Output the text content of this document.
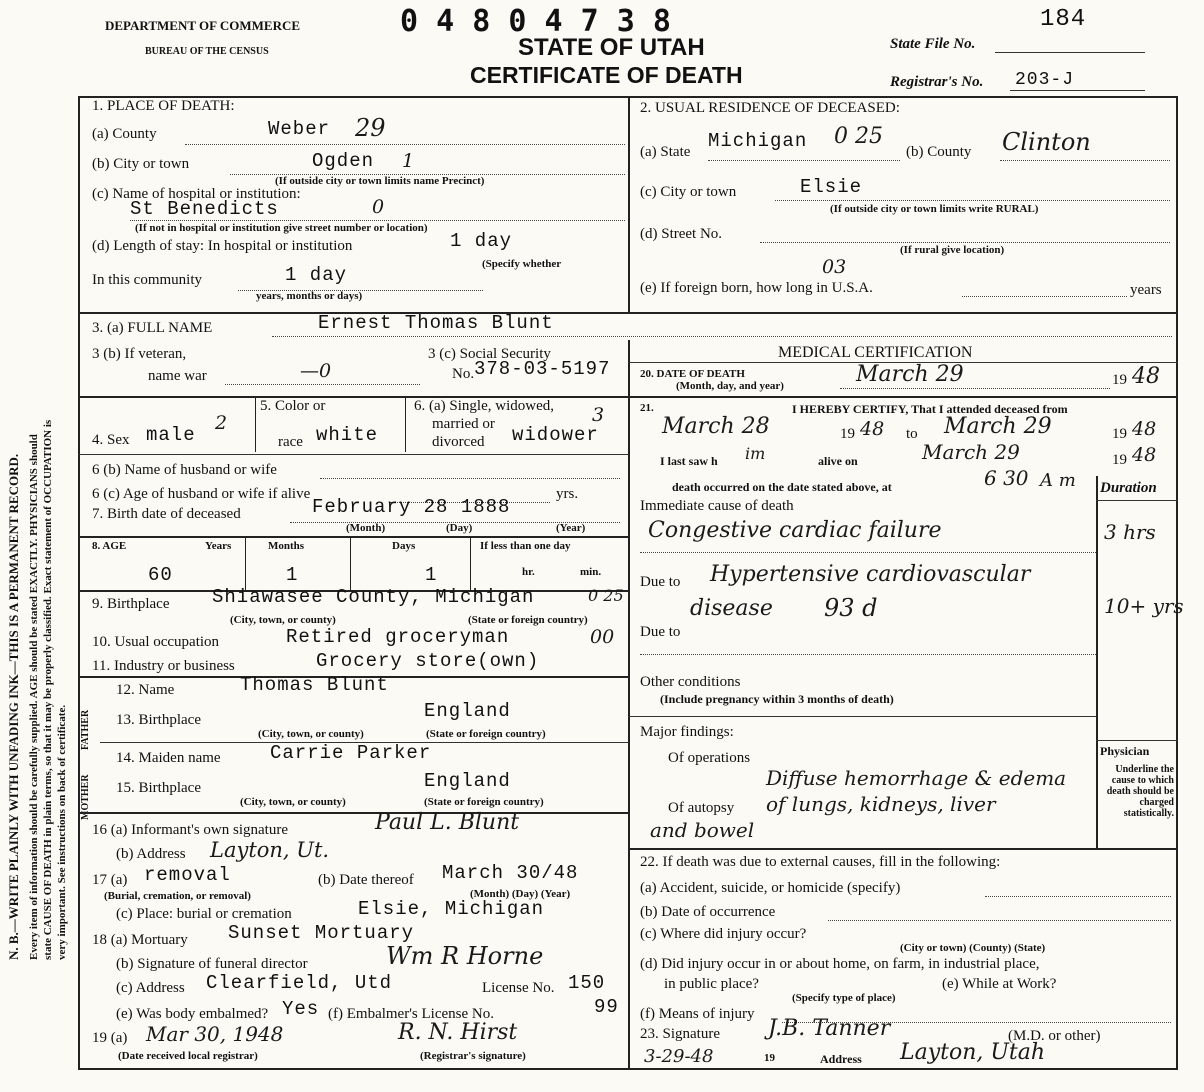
DEPARTMENT OF COMMERCE
BUREAU OF THE CENSUS
0 4 8 0 4 7 3 8
STATE OF UTAH
CERTIFICATE OF DEATH
State File No.
184
Registrar's No. 203-J
N. B.—WRITE PLAINLY WITH UNFADING INK—THIS IS A PERMANENT RECORD. Every item of information should be carefully supplied. AGE should be stated EXACTLY. PHYSICIANS should state CAUSE OF DEATH in plain terms, so that it may be properly classified. Exact statement of OCCUPATION is very important. See instructions on back of certificate.
1. PLACE OF DEATH:
(a) County	Weber 29
(b) City or town	Ogden 1
(If outside city or town limits name Precinct)
(c) Name of hospital or institution:
St Benedicts	0
(If not in hospital or institution give street number or location)
(d) Length of stay: In hospital or institution	1 day
(Specify whether
In this community	1 day
years, months or days)
2. USUAL RESIDENCE OF DECEASED:
(a) State Michigan 0 25
(b) County Clinton
(c) City or town	Elsie
(If outside city or town limits write RURAL)
(d) Street No.
(If rural give location)
(e) If foreign born, how long in U.S.A.
03
years
3. (a) FULL NAME	Ernest Thomas Blunt
3 (b) If veteran,
name war	—0
3 (c) Social Security
No. 378-03-5197
4. Sex male
2
5. Color or
race white
6. (a) Single, widowed,
married or
divorced widower
3
6 (b) Name of husband or wife
6 (c) Age of husband or wife if alive	yrs.
7. Birth date of deceased	February 28 1888
(Month)	(Day)	(Year)
8. AGE	Years	Months	Days	If less than one day
60	1	1	hr.	min.
9. Birthplace Shiawasee County, Michigan	0 25
(City, town, or county)	(State or foreign country)
10. Usual occupation	Retired groceryman	00
11. Industry or business	Grocery store(own)
FATHER
MOTHER
12. Name	Thomas Blunt
13. Birthplace	England
(City, town, or county)	(State or foreign country)
14. Maiden name	Carrie Parker
15. Birthplace	England
(City, town, or county)	(State or foreign country)
16 (a) Informant's own signature	Paul L. Blunt
(b) Address Layton, Ut.
17 (a) removal	(b) Date thereof March 30/48
(Burial, cremation, or removal)	(Month) (Day) (Year)
(c) Place: burial or cremation	Elsie, Michigan
18 (a) Mortuary Sunset Mortuary
(b) Signature of funeral director	Wm R Horne
(c) Address Clearfield, Utd	License No. 150
(e) Was body embalmed? Yes (f) Embalmer's License No.	99
19 (a) Mar 30, 1948
(Date received local registrar)
R. N. Hirst
(Registrar's signature)
MEDICAL CERTIFICATION
20. DATE OF DEATH
(Month, day, and year)	March 29	19 48
21.	I HEREBY CERTIFY, That I attended deceased from
March 28	19 48 to March 29	19 48
I last saw h im	alive on	March 29	19 48
death occurred on the date stated above, at	6 30 A m Duration
Immediate cause of death
Congestive cardiac failure	3 hrs
Due to Hypertensive cardiovascular
disease 93 d	10+ yrs
Due to
Other conditions
(Include pregnancy within 3 months of death)
Major findings:
Of operations
Diffuse hemorrhage & edema
Of autopsy of lungs, kidneys, liver
and bowel
Physician
Underline the cause to which death should be charged statistically.
22. If death was due to external causes, fill in the following:
(a) Accident, suicide, or homicide (specify)
(b) Date of occurrence
(c) Where did injury occur?
(City or town) (County) (State)
(d) Did injury occur in or about home, on farm, in industrial place,
in public place?	(e) While at Work?
(Specify type of place)
(f) Means of injury
23. Signature J.B. Tanner	(M.D. or other)
3-29-48	19	Address Layton, Utah
